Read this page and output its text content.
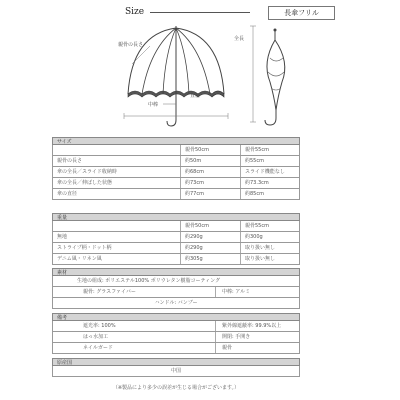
Size	長傘フリル
親骨の長さ
中棒
直径
全長
サイズ
親骨50cm	親骨55cm
親骨の長さ	約50m	約55cm
傘の全長／スライド收納時	約68cm	スライド機能なし
傘の全長／伸ばした状態	約73cm	約73.3cm
傘の直径	約77cm	約85cm
重量
親骨50cm	親骨55cm
無地	約290g	約300g
ストライプ柄・ドット柄	約290g	取り扱い無し
デニム風・リネン風	約305g	取り扱い無し
素材
生地の組成: ポリエステル100% ポリウレタン樹脂コーティング
親骨: グラスファイバー	中棒: アルミ
ハンドル: バンブー
備考
遮光率: 100%	紫外線遮蔽率: 99.9%以上
はっ水加工	開閉: 手開き
ネイルガード	親骨
原産国
中国
（※製品により多少の誤差が生じる場合がございます。）
